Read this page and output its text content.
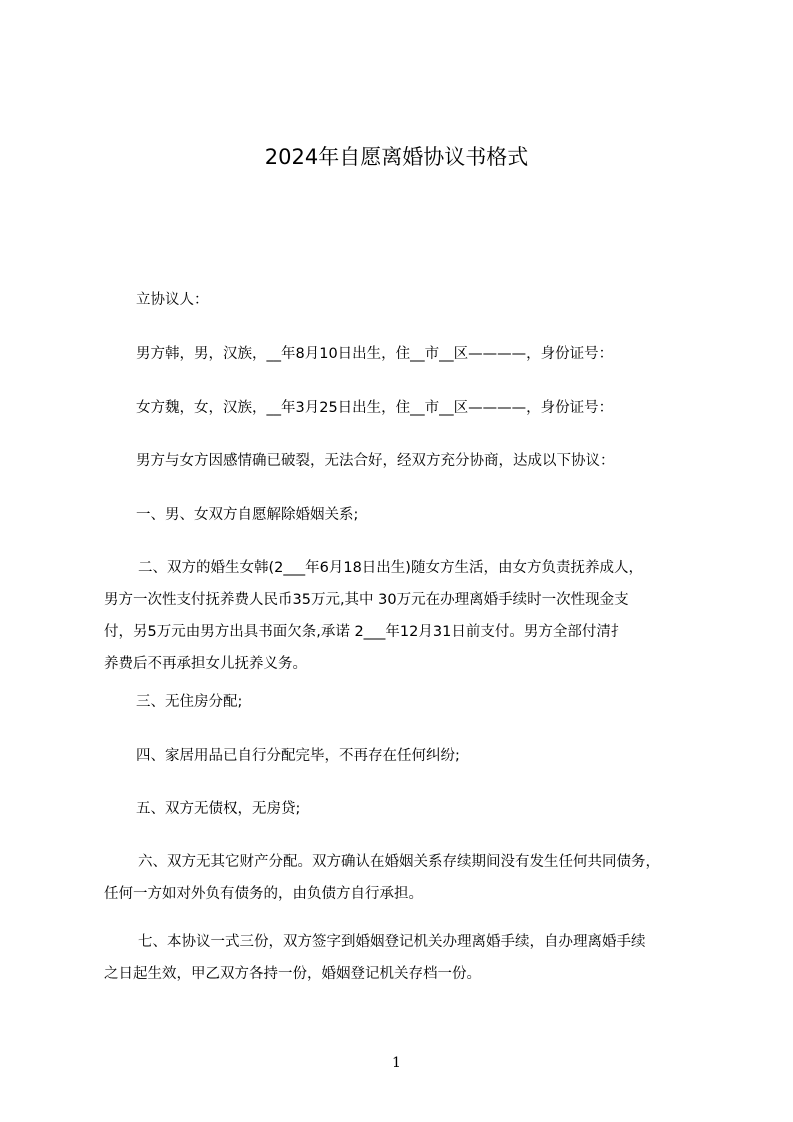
2024年自愿离婚协议书格式
立协议人：
男方韩，男，汉族，__年8月10日出生，住__市__区————，身份证号：
女方魏，女，汉族，__年3月25日出生，住__市__区————，身份证号：
男方与女方因感情确已破裂，无法合好，经双方充分协商，达成以下协议：
一、男、女双方自愿解除婚姻关系;
二、双方的婚生女韩(2___年6月18日出生)随女方生活，由女方负责抚养成人，
男方一次性支付抚养费人民币35万元,其中 30万元在办理离婚手续时一次性现金支
付，另5万元由男方出具书面欠条,承诺 2___年12月31日前支付。男方全部付清扌
养费后不再承担女儿抚养义务。
三、无住房分配;
四、家居用品已自行分配完毕，不再存在任何纠纷;
五、双方无债权，无房贷;
六、双方无其它财产分配。双方确认在婚姻关系存续期间没有发生任何共同债务，
任何一方如对外负有债务的，由负债方自行承担。
七、本协议一式三份，双方签字到婚姻登记机关办理离婚手续，自办理离婚手续
之日起生效，甲乙双方各持一份，婚姻登记机关存档一份。
1
